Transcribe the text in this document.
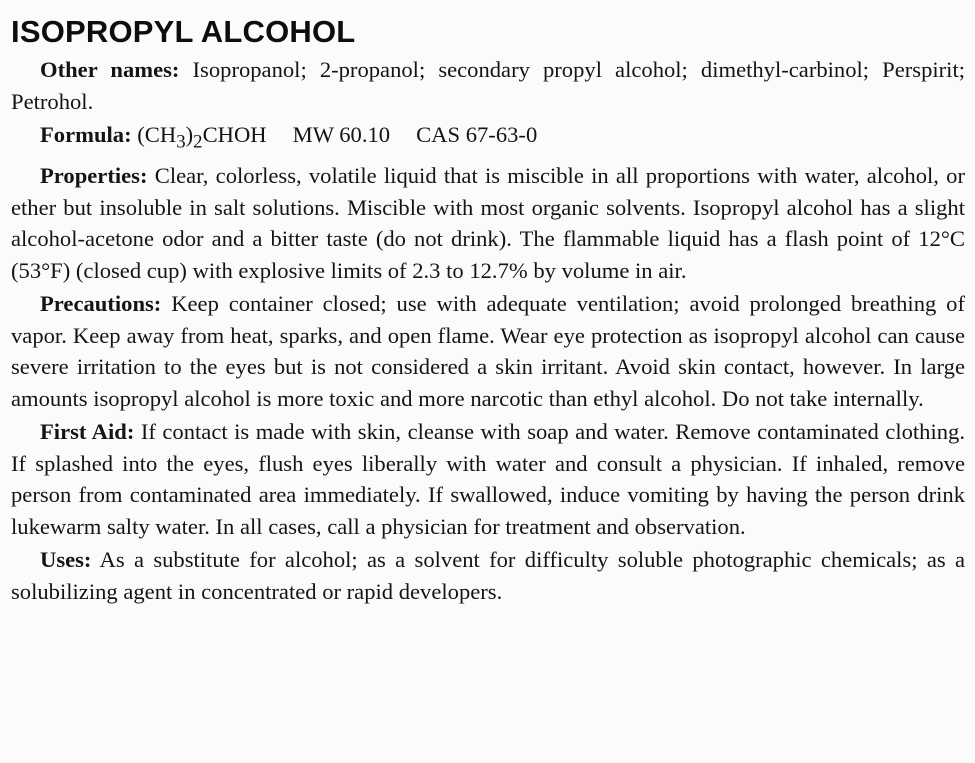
ISOPROPYL ALCOHOL

Other names: Isopropanol; 2-propanol; secondary propyl alcohol; dimethyl-carbinol; Perspirit; Petrohol.

Formula: $(CH_3)_2CHOH$ MW 60.10 CAS 67-63-0

Properties: Clear, colorless, volatile liquid that is miscible in all proportions with water, alcohol, or ether but insoluble in salt solutions. Miscible with most organic solvents. Isopropyl alcohol has a slight alcohol-acetone odor and a bitter taste (do not drink). The flammable liquid has a flash point of 12°C (53°F) (closed cup) with explosive limits of 2.3 to 12.7% by volume in air.

Precautions: Keep container closed; use with adequate ventilation; avoid prolonged breathing of vapor. Keep away from heat, sparks, and open flame. Wear eye protection as isopropyl alcohol can cause severe irritation to the eyes but is not considered a skin irritant. Avoid skin contact, however. In large amounts isopropyl alcohol is more toxic and more narcotic than ethyl alcohol. Do not take internally.

First Aid: If contact is made with skin, cleanse with soap and water. Remove contaminated clothing. If splashed into the eyes, flush eyes liberally with water and consult a physician. If inhaled, remove person from contaminated area immediately. If swallowed, induce vomiting by having the person drink lukewarm salty water. In all cases, call a physician for treatment and observation.

Uses: As a substitute for alcohol; as a solvent for difficulty soluble photographic chemicals; as a solubilizing agent in concentrated or rapid developers.
